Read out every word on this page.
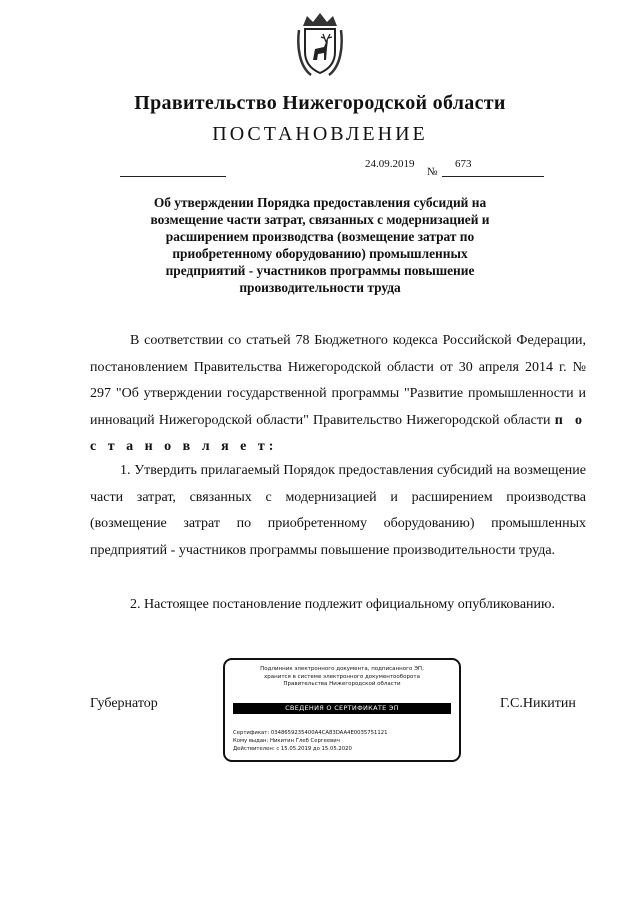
Правительство Нижегородской области
ПОСТАНОВЛЕНИЕ
24.09.2019
№
673
Об утверждении Порядка предоставления субсидий на
возмещение части затрат, связанных с модернизацией и
расширением производства (возмещение затрат по
приобретенному оборудованию) промышленных
предприятий - участников программы повышение
производительности труда
В соответствии со статьей 78 Бюджетного кодекса Российской Федерации, постановлением Правительства Нижегородской области от 30 апреля 2014 г. № 297 "Об утверждении государственной программы "Развитие промышленности и инноваций Нижегородской области" Правительство Нижегородской области п о с т а н о в л я е т:
1. Утвердить прилагаемый Порядок предоставления субсидий на возмещение части затрат, связанных с модернизацией и расширением производства (возмещение затрат по приобретенному оборудованию) промышленных предприятий - участников программы повышение производительности труда.
2. Настоящее постановление подлежит официальному опубликованию.
Губернатор	Г.С.Никитин
Подлинник электронного документа, подписанного ЭП,
хранится в системе электронного документооборота
Правительства Нижегородской области
СВЕДЕНИЯ О СЕРТИФИКАТЕ ЭП
Сертификат: 0348659235400A4CA83DAA4E0035751121
Кому выдан: Никитин Глеб Сергеевич
Действителен: с 15.05.2019 до 15.05.2020
